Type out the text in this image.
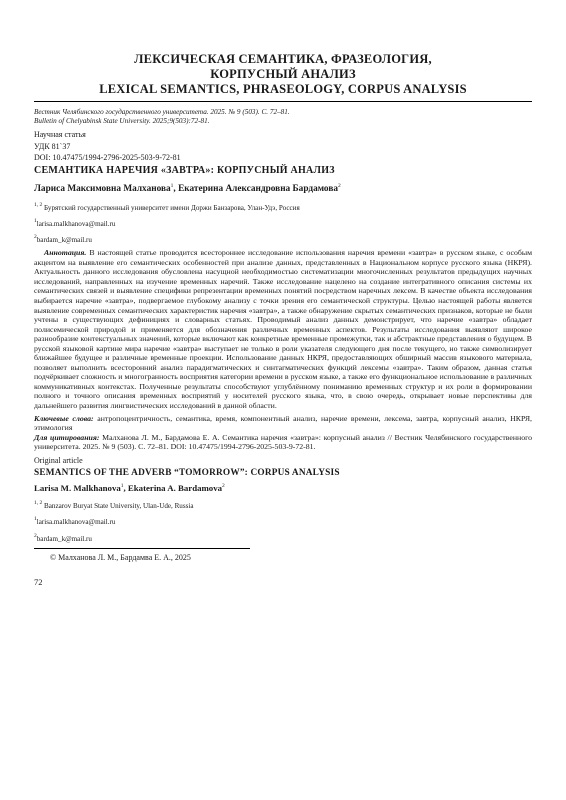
ЛЕКСИЧЕСКАЯ СЕМАНТИКА, ФРАЗЕОЛОГИЯ,
КОРПУСНЫЙ АНАЛИЗ
LEXICAL SEMANTICS, PHRASEOLOGY, CORPUS ANALYSIS
Вестник Челябинского государственного университета. 2025. № 9 (503). С. 72–81.
Bulletin of Chelyabinsk State University. 2025;9(503):72-81.
Научная статья
УДК 81`37
DOI: 10.47475/1994-2796-2025-503-9-72-81
СЕМАНТИКА НАРЕЧИЯ «ЗАВТРА»: КОРПУСНЫЙ АНАЛИЗ
Лариса Максимовна Малханова$^1$, Екатерина Александровна Бардамова$^2$
$^{1, 2}$ Бурятский государственный университет имени Доржи Банзарова, Улан-Удэ, Россия
$^1$larisa.malkhanova@mail.ru
$^2$bardam_k@mail.ru
Аннотация. В настоящей статье проводится всестороннее исследование использования наречия времени «завтра» в русском языке, с особым акцентом на выявление его семантических особенностей при анализе данных, представленных в Национальном корпусе русского языка (НКРЯ). Актуальность данного исследования обусловлена насущной необходимостью систематизации многочисленных результатов предыдущих научных исследований, направленных на изучение временных наречий. Также исследование нацелено на создание интегративного описания системы их семантических связей и выявление специфики репрезентации временных понятий посредством наречных лексем. В качестве объекта исследования выбирается наречие «завтра», подвергаемое глубокому анализу с точки зрения его семантической структуры. Целью настоящей работы является выявление современных семантических характеристик наречия «завтра», а также обнаружение скрытых семантических признаков, которые не были учтены в существующих дефинициях и словарных статьях. Проводимый анализ данных демонстрирует, что наречие «завтра» обладает полисемической природой и применяется для обозначения различных временных аспектов. Результаты исследования выявляют широкое разнообразие контекстуальных значений, которые включают как конкретные временные промежутки, так и абстрактные представления о будущем. В русской языковой картине мира наречие «завтра» выступает не только в роли указателя следующего дня после текущего, но также символизирует ближайшее будущее и различные временные проекции. Использование данных НКРЯ, предоставляющих обширный массив языкового материала, позволяет выполнить всесторонний анализ парадигматических и синтагматических функций лексемы «завтра». Таким образом, данная статья подчёркивает сложность и многогранность восприятия категории времени в русском языке, а также его функциональное использование в различных коммуникативных контекстах. Полученные результаты способствуют углублённому пониманию временных структур и их роли в формировании полного и точного описания временных восприятий у носителей русского языка, что, в свою очередь, открывает новые перспективы для дальнейшего развития лингвистических исследований в данной области.
Ключевые слова: антропоцентричность, семантика, время, компонентный анализ, наречие времени, лексема, завтра, корпусный анализ, НКРЯ, этимология
Для цитирования: Малханова Л. М., Бардамова Е. А. Семантика наречия «завтра»: корпусный анализ // Вестник Челябинского государственного университета. 2025. № 9 (503). С. 72–81. DOI: 10.47475/1994-2796-2025-503-9-72-81.
Original article
SEMANTICS OF THE ADVERB “TOMORROW”: CORPUS ANALYSIS
Larisa M. Malkhanova$^1$, Ekaterina A. Bardamova$^2$
$^{1, 2}$ Banzarov Buryat State University, Ulan-Ude, Russia
$^1$larisa.malkhanova@mail.ru
$^2$bardam_k@mail.ru
© Малханова Л. М., Бардамва Е. А., 2025
72
